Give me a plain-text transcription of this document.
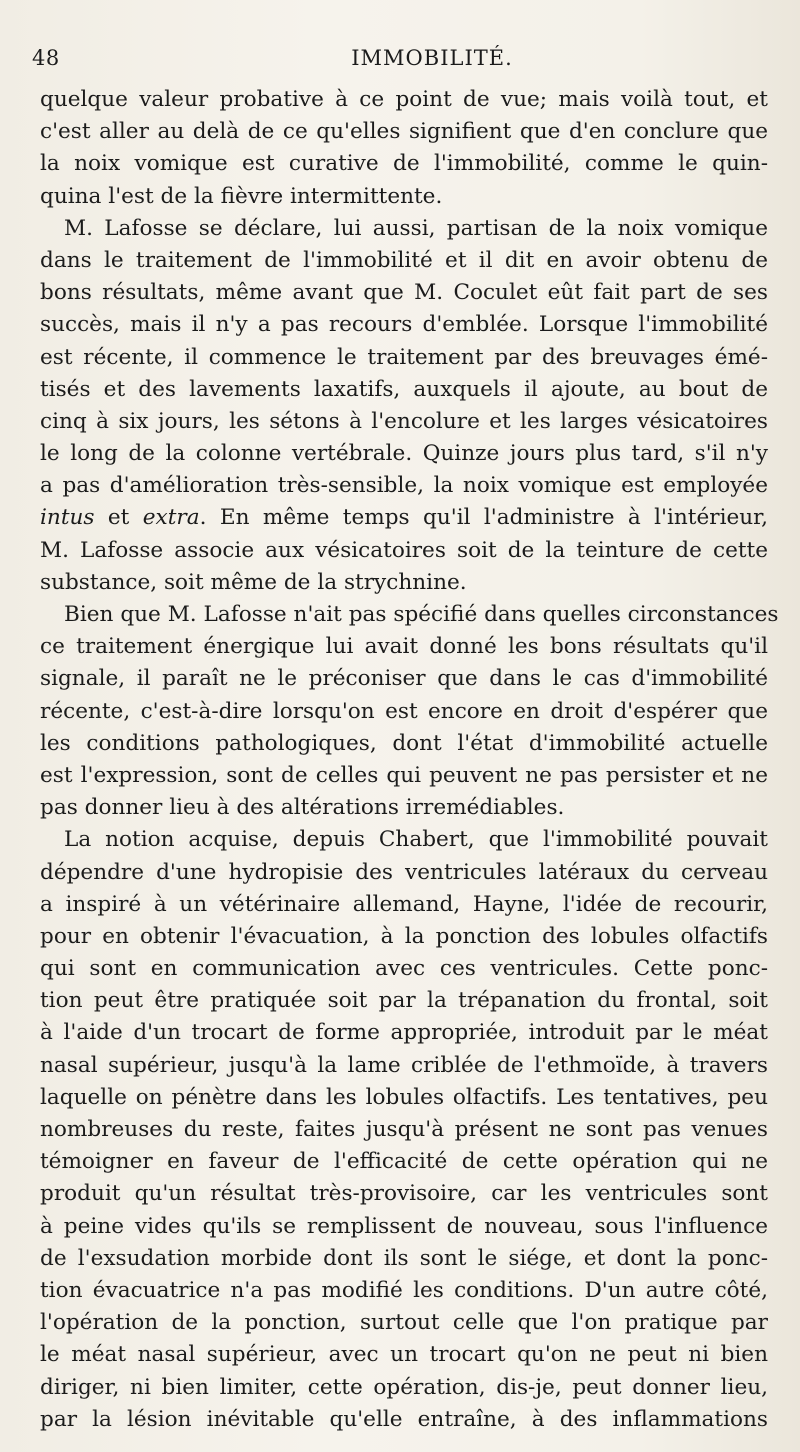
48	IMMOBILITÉ.
quelque valeur probative à ce point de vue; mais voilà tout, et
c'est aller au delà de ce qu'elles signifient que d'en conclure que
la noix vomique est curative de l'immobilité, comme le quin-
quina l'est de la fièvre intermittente.
M. Lafosse se déclare, lui aussi, partisan de la noix vomique
dans le traitement de l'immobilité et il dit en avoir obtenu de
bons résultats, même avant que M. Coculet eût fait part de ses
succès, mais il n'y a pas recours d'emblée. Lorsque l'immobilité
est récente, il commence le traitement par des breuvages émé-
tisés et des lavements laxatifs, auxquels il ajoute, au bout de
cinq à six jours, les sétons à l'encolure et les larges vésicatoires
le long de la colonne vertébrale. Quinze jours plus tard, s'il n'y
a pas d'amélioration très-sensible, la noix vomique est employée
intus et extra. En même temps qu'il l'administre à l'intérieur,
M. Lafosse associe aux vésicatoires soit de la teinture de cette
substance, soit même de la strychnine.
Bien que M. Lafosse n'ait pas spécifié dans quelles circonstances
ce traitement énergique lui avait donné les bons résultats qu'il
signale, il paraît ne le préconiser que dans le cas d'immobilité
récente, c'est-à-dire lorsqu'on est encore en droit d'espérer que
les conditions pathologiques, dont l'état d'immobilité actuelle
est l'expression, sont de celles qui peuvent ne pas persister et ne
pas donner lieu à des altérations irremédiables.
La notion acquise, depuis Chabert, que l'immobilité pouvait
dépendre d'une hydropisie des ventricules latéraux du cerveau
a inspiré à un vétérinaire allemand, Hayne, l'idée de recourir,
pour en obtenir l'évacuation, à la ponction des lobules olfactifs
qui sont en communication avec ces ventricules. Cette ponc-
tion peut être pratiquée soit par la trépanation du frontal, soit
à l'aide d'un trocart de forme appropriée, introduit par le méat
nasal supérieur, jusqu'à la lame criblée de l'ethmoïde, à travers
laquelle on pénètre dans les lobules olfactifs. Les tentatives, peu
nombreuses du reste, faites jusqu'à présent ne sont pas venues
témoigner en faveur de l'efficacité de cette opération qui ne
produit qu'un résultat très-provisoire, car les ventricules sont
à peine vides qu'ils se remplissent de nouveau, sous l'influence
de l'exsudation morbide dont ils sont le siége, et dont la ponc-
tion évacuatrice n'a pas modifié les conditions. D'un autre côté,
l'opération de la ponction, surtout celle que l'on pratique par
le méat nasal supérieur, avec un trocart qu'on ne peut ni bien
diriger, ni bien limiter, cette opération, dis-je, peut donner lieu,
par la lésion inévitable qu'elle entraîne, à des inflammations
